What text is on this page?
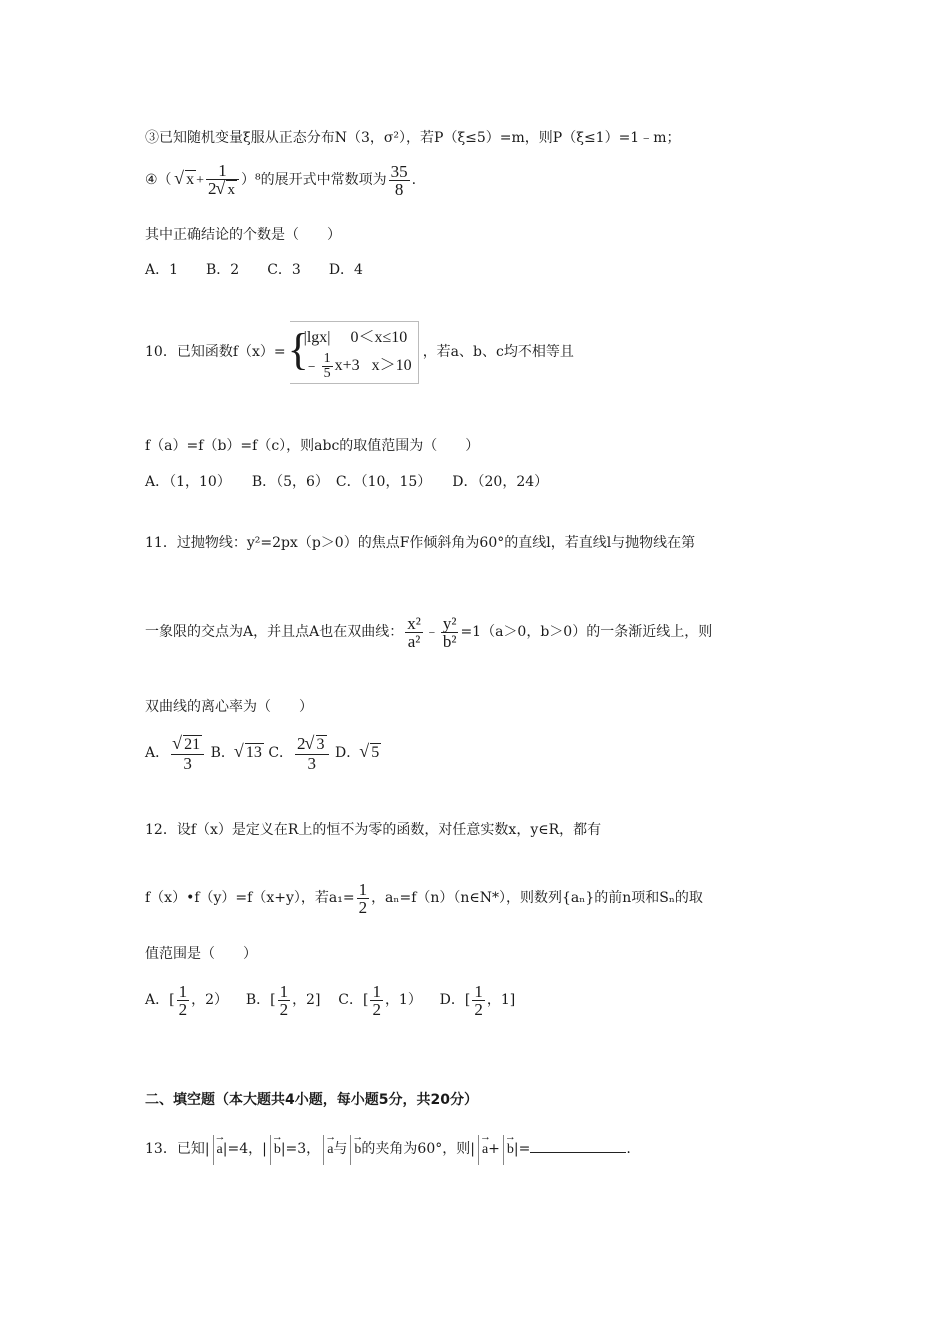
③已知随机变量ξ服从正态分布N（3，σ²），若P（ξ≤5）=m，则P（ξ≤1）=1﹣m；
④（ √ $x + \frac{1}{2 √ x} )^8$的展开式中常数项为 $\frac{35}{8}$ .
其中正确结论的个数是（　　）
A．1　　B．2　　C．3　　D．4
10．已知函数f（x）=
{ |lgx| 0＜x≤10
﹣ $\frac{1}{5} x+3$ x＞10
，若a、b、c均不相等且
f（a）=f（b）=f（c），则abc的取值范围为（　　）
A．（1，10）　　B．（5，6）　C．（10，15）　　D．（20，24）
11．过抛物线：y²=2px（p＞0）的焦点F作倾斜角为60°的直线l，若直线l与抛物线在第
一象限的交点为A，并且点A也在双曲线： $\frac{\text{x²}}{\text{a²}}$ ﹣ $\frac{\text{y²}}{\text{b²}} =1(a>0$，b＞0）的一条渐近线上，则
双曲线的离心率为（　　）
A． √ $\frac{21}{3}$ B． √ 13 C． $\frac{2 √ 3}{3}$ D． √ 5
12．设f（x）是定义在R上的恒不为零的函数，对任意实数x，y∈R，都有
f（x）•f（y）=f（x+y），若$a_1= \frac{1}{2}$ ，aₙ=f（n）（n∈N*），则数列{aₙ}的前n项和Sₙ的取
值范围是（　　）
A．[ $\frac{1}{2}$ ，2） B．[ $\frac{1}{2}$ ，2] C．[ $\frac{1}{2}$ ，1） D．[ $\frac{1}{2}$ ，1]
二、填空题（本大题共4小题，每小题5分，共20分）
13．已知| → a|=4，| → b|=3， → a与 → b的夹角为60°，则| → a+ → b|=	.
